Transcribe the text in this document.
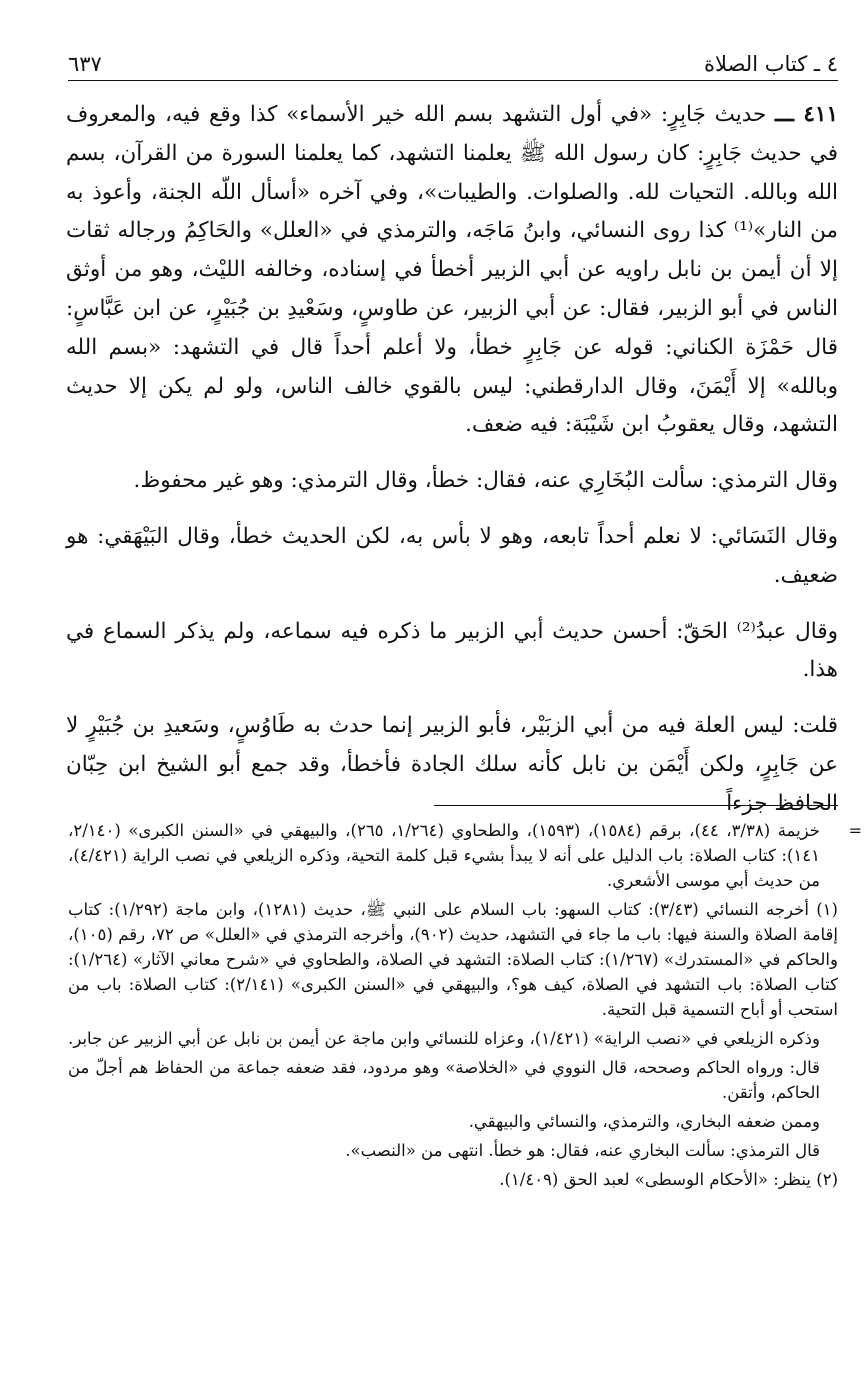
٤ ـ كتاب الصلاة
٦٣٧

٤١١ ـــ حديث جَابِرٍ: «في أول التشهد بسم الله خير الأسماء» كذا وقع فيه، والمعروف في حديث جَابِرٍ: كان رسول الله ﷺ يعلمنا التشهد، كما يعلمنا السورة من القرآن، بسم الله وبالله. التحيات لله. والصلوات. والطيبات»، وفي آخره «أسأل اللّه الجنة، وأعوذ به من النار»⁽¹⁾ كذا روى النسائي، وابنُ مَاجَه، والترمذي في «العلل» والحَاكِمُ ورجاله ثقات إلا أن أيمن بن نابل راويه عن أبي الزبير أخطأ في إسناده، وخالفه الليْث، وهو من أوثق الناس في أبو الزبير، فقال: عن أبي الزبير، عن طاوسٍ، وسَعْيدِ بن جُبَيْرٍ، عن ابن عَبَّاسٍ: قال حَمْزَة الكناني: قوله عن جَابِرٍ خطأ، ولا أعلم أحداً قال في التشهد: «بسم الله وبالله» إلا أَيْمَنَ، وقال الدارقطني: ليس بالقوي خالف الناس، ولو لم يكن إلا حديث التشهد، وقال يعقوبُ ابن شَيْبَة: فيه ضعف.

وقال الترمذي: سألت البُخَارِي عنه، فقال: خطأ، وقال الترمذي: وهو غير محفوظ.

وقال النَسَائي: لا نعلم أحداً تابعه، وهو لا بأس به، لكن الحديث خطأ، وقال البَيْهَقي: هو ضعيف.

وقال عبدُ⁽²⁾ الحَقّ: أحسن حديث أبي الزبير ما ذكره فيه سماعه، ولم يذكر السماع في هذا.

قلت: ليس العلة فيه من أبي الزبَيْر، فأبو الزبير إنما حدث به طَاوُسٍ، وسَعيدِ بن جُبَيْرٍ لا عن جَابِرٍ، ولكن أَيْمَن بن نابل كأنه سلك الجادة فأخطأ، وقد جمع أبو الشيخ ابن حِبّان الحافظ جزءاً

=
خزيمة (٣/٣٨، ٤٤)، برقم (١٥٨٤)، (١٥٩٣)، والطحاوي (١/٢٦٤، ٢٦٥)، والبيهقي في «السنن الكبرى» (٢/١٤٠، ١٤١): كتاب الصلاة: باب الدليل على أنه لا يبدأ بشيء قبل كلمة التحية، وذكره الزيلعي في نصب الراية (٤/٤٢١)، من حديث أبي موسى الأشعري.
(١) أخرجه النسائي (٣/٤٣): كتاب السهو: باب السلام على النبي ﷺ، حديث (١٢٨١)، وابن ماجة (١/٢٩٢): كتاب إقامة الصلاة والسنة فيها: باب ما جاء في التشهد، حديث (٩٠٢)، وأخرجه الترمذي في «العلل» ص ٧٢، رقم (١٠٥)، والحاكم في «المستدرك» (١/٢٦٧): كتاب الصلاة: التشهد في الصلاة، والطحاوي في «شرح معاني الآثار» (١/٢٦٤): كتاب الصلاة: باب التشهد في الصلاة، كيف هو؟، والبيهقي في «السنن الكبرى» (٢/١٤١): كتاب الصلاة: باب من استحب أو أباح التسمية قبل التحية.
وذكره الزيلعي في «نصب الراية» (١/٤٢١)، وعزاه للنسائي وابن ماجة عن أيمن بن نابل عن أبي الزبير عن جابر.
قال: ورواه الحاكم وصححه، قال النووي في «الخلاصة» وهو مردود، فقد ضعفه جماعة من الحفاظ هم أجلّ من الحاكم، وأتقن.
وممن ضعفه البخاري، والترمذي، والنسائي والبيهقي.
قال الترمذي: سألت البخاري عنه، فقال: هو خطأ. انتهى من «النصب».
(٢) ينظر: «الأحكام الوسطى» لعبد الحق (١/٤٠٩).
